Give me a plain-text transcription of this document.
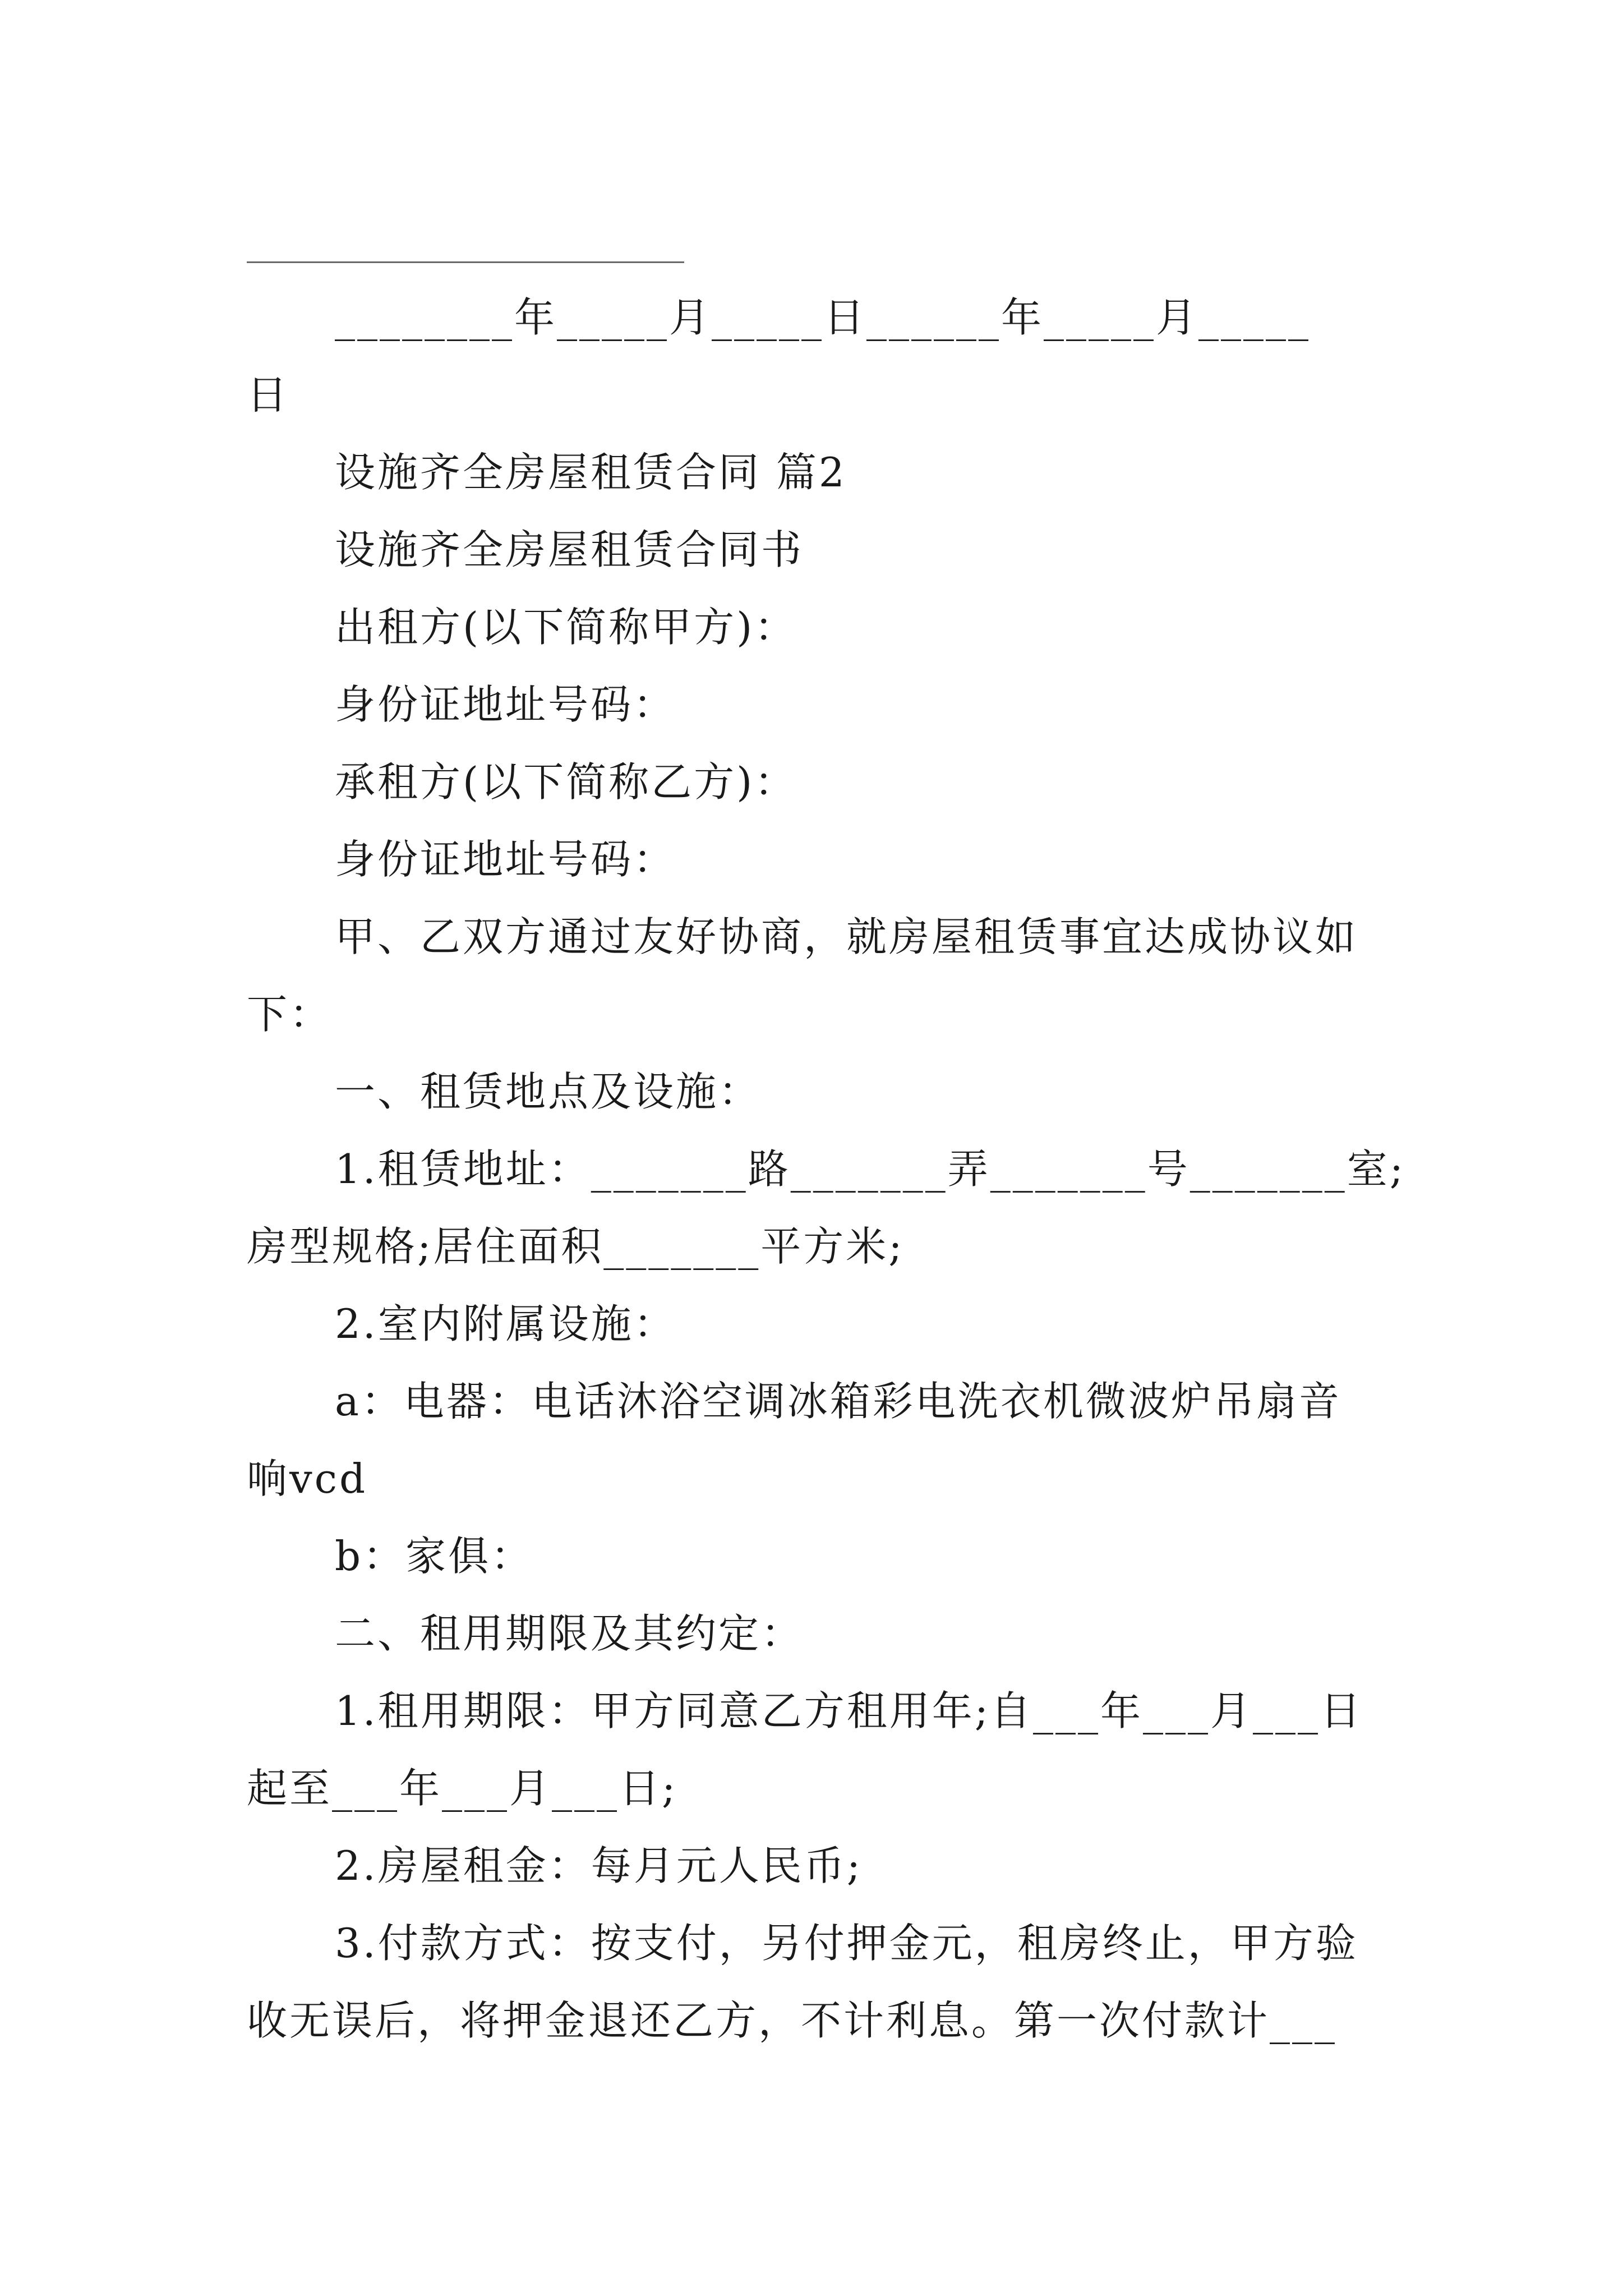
________年_____月_____日______年_____月_____
日
设施齐全房屋租赁合同 篇2
设施齐全房屋租赁合同书
出租方(以下简称甲方)：
身份证地址号码：
承租方(以下简称乙方)：
身份证地址号码：
甲、乙双方通过友好协商，就房屋租赁事宜达成协议如
下：
一、租赁地点及设施：
1.租赁地址：_______路_______弄_______号_______室;
房型规格;居住面积_______平方米;
2.室内附属设施：
a：电器：电话沐浴空调冰箱彩电洗衣机微波炉吊扇音
响vcd
b：家俱：
二、租用期限及其约定：
1.租用期限：甲方同意乙方租用年;自___年___月___日
起至___年___月___日;
2.房屋租金：每月元人民币;
3.付款方式：按支付，另付押金元，租房终止，甲方验
收无误后，将押金退还乙方，不计利息。第一次付款计___
